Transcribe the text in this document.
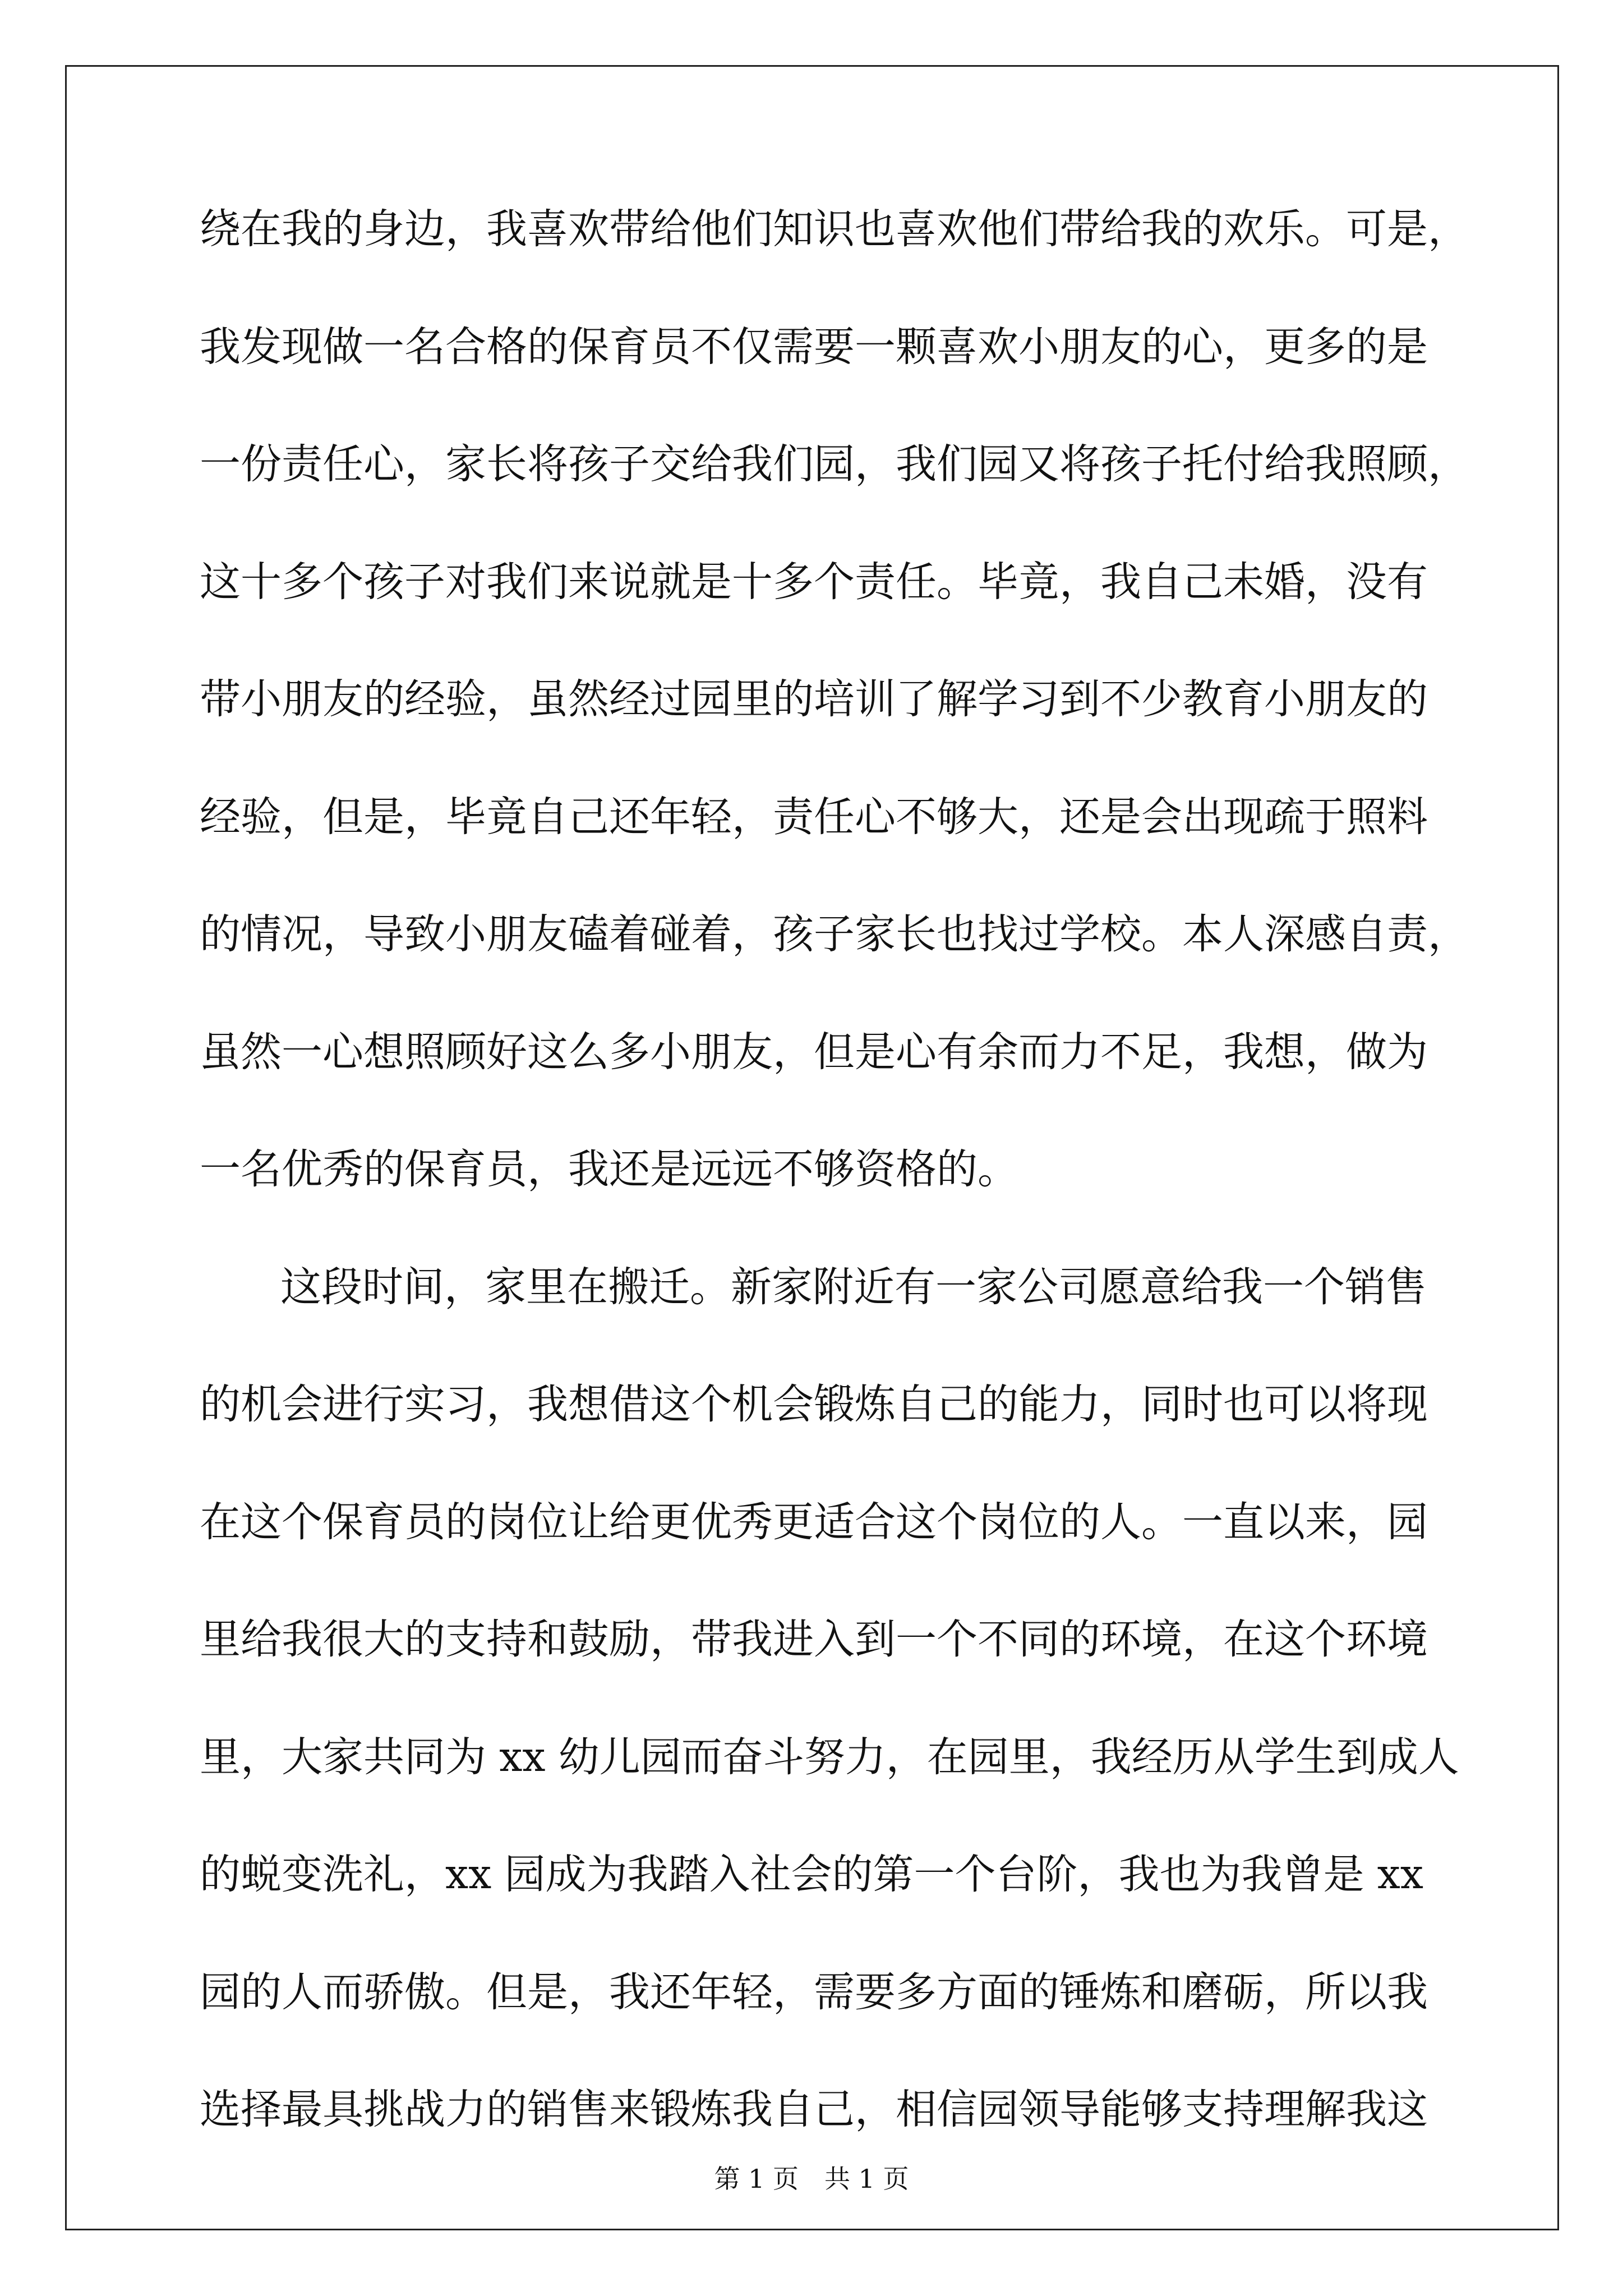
绕在我的身边，我喜欢带给他们知识也喜欢他们带给我的欢乐。可是，
我发现做一名合格的保育员不仅需要一颗喜欢小朋友的心，更多的是
一份责任心，家长将孩子交给我们园，我们园又将孩子托付给我照顾，
这十多个孩子对我们来说就是十多个责任。毕竟，我自己未婚，没有
带小朋友的经验，虽然经过园里的培训了解学习到不少教育小朋友的
经验，但是，毕竟自己还年轻，责任心不够大，还是会出现疏于照料
的情况，导致小朋友磕着碰着，孩子家长也找过学校。本人深感自责，
虽然一心想照顾好这么多小朋友，但是心有余而力不足，我想，做为
一名优秀的保育员，我还是远远不够资格的。
这段时间，家里在搬迁。新家附近有一家公司愿意给我一个销售
的机会进行实习，我想借这个机会锻炼自己的能力，同时也可以将现
在这个保育员的岗位让给更优秀更适合这个岗位的人。一直以来，园
里给我很大的支持和鼓励，带我进入到一个不同的环境，在这个环境
里，大家共同为 xx 幼儿园而奋斗努力，在园里，我经历从学生到成人
的蜕变洗礼，xx 园成为我踏入社会的第一个台阶，我也为我曾是 xx
园的人而骄傲。但是，我还年轻，需要多方面的锤炼和磨砺，所以我
选择最具挑战力的销售来锻炼我自己，相信园领导能够支持理解我这
第 1 页　共 1 页
